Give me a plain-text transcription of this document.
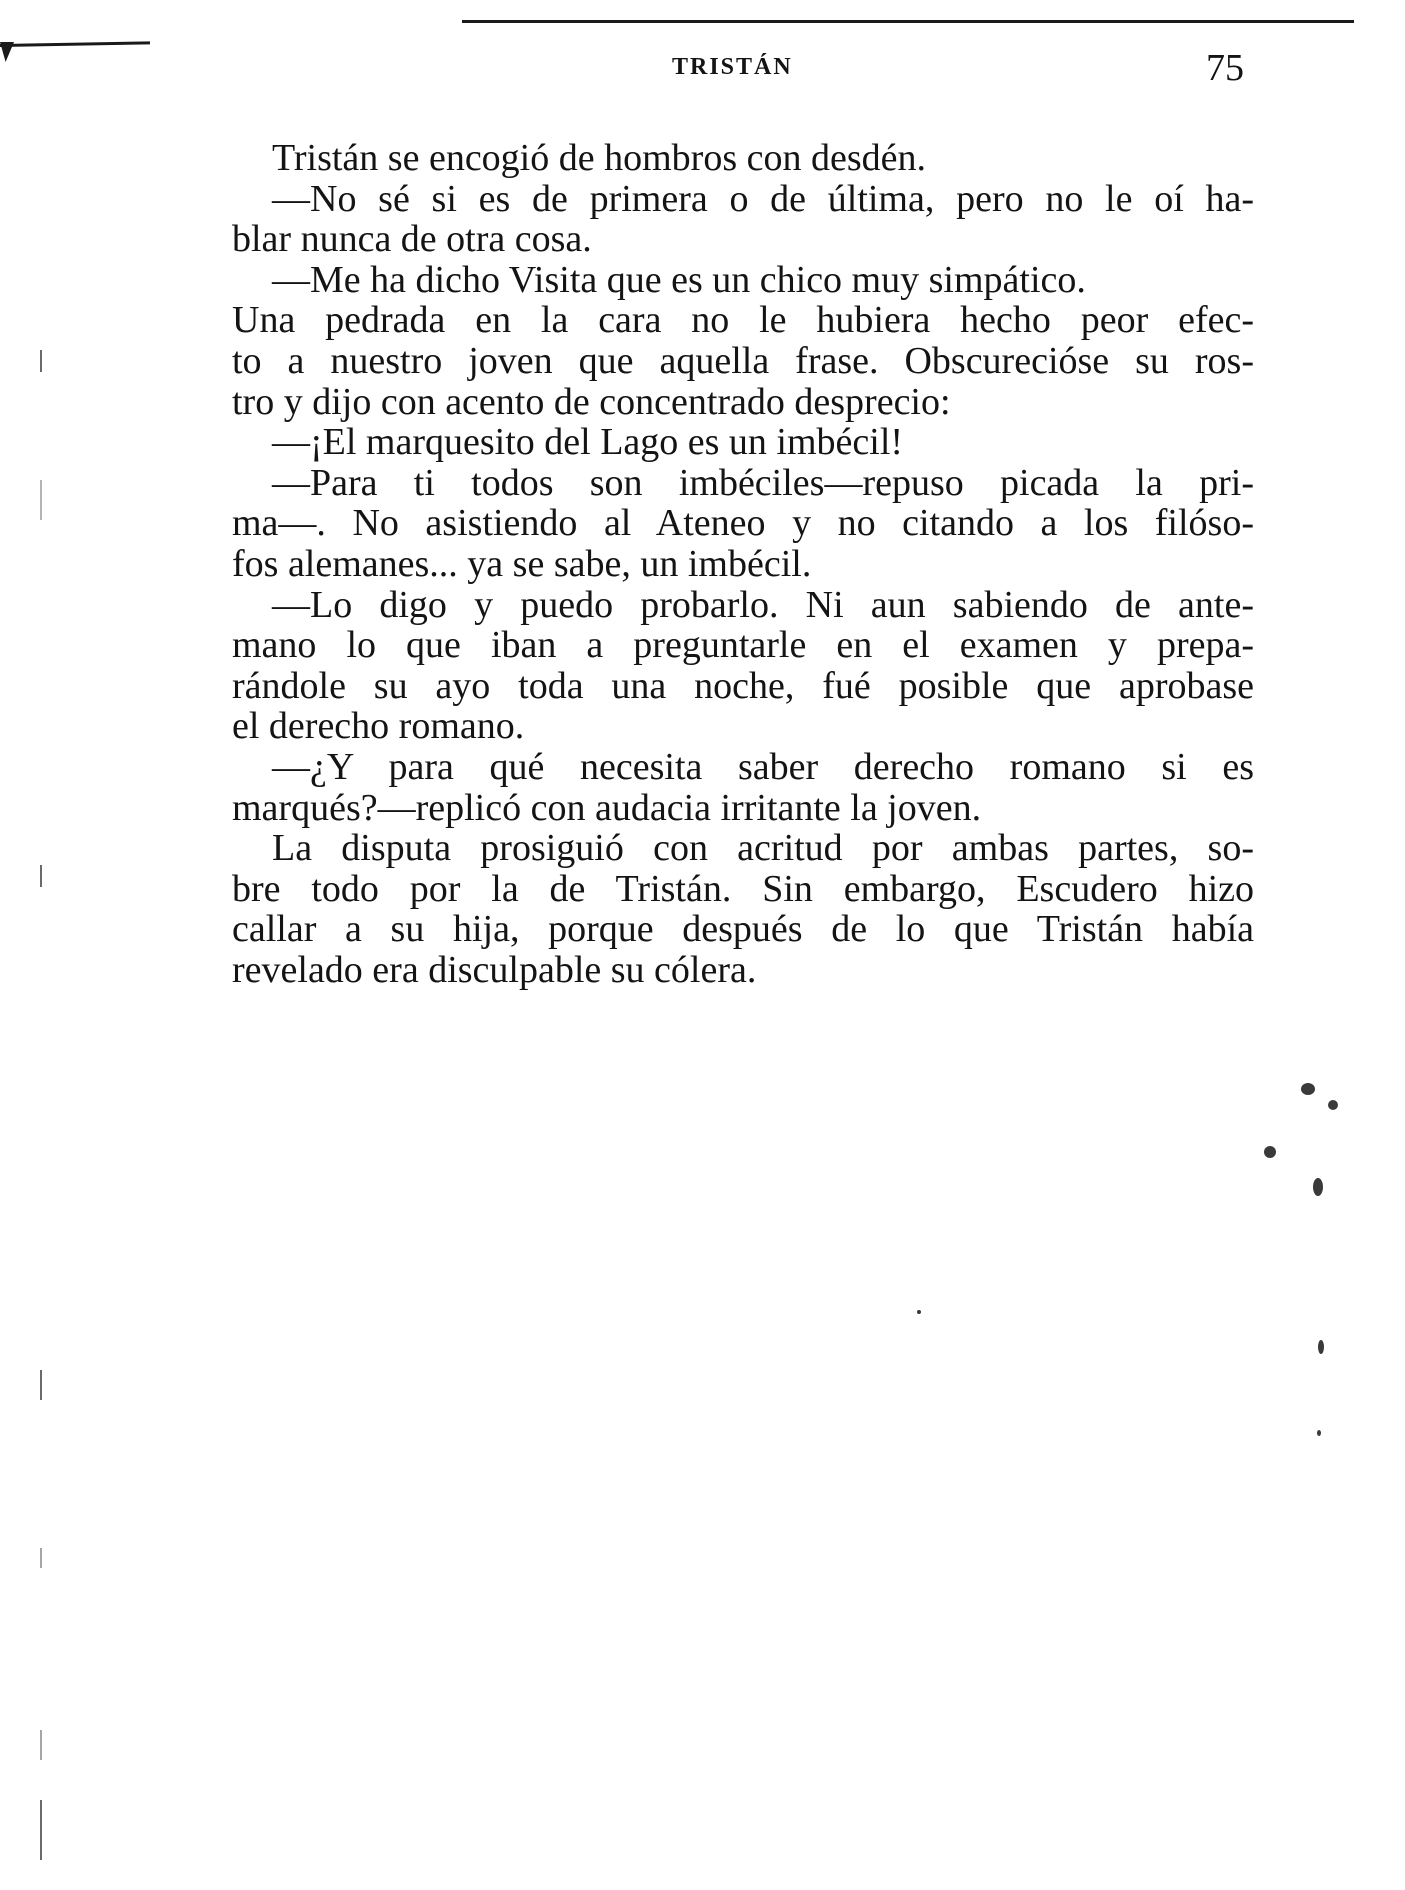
TRISTÁN	75
Tristán se encogió de hombros con desdén.
—No sé si es de primera o de última, pero no le oí ha-
blar nunca de otra cosa.
—Me ha dicho Visita que es un chico muy simpático.
Una pedrada en la cara no le hubiera hecho peor efec-
to a nuestro joven que aquella frase. Obscurecióse su ros-
tro y dijo con acento de concentrado desprecio:
—¡El marquesito del Lago es un imbécil!
—Para ti todos son imbéciles—repuso picada la pri-
ma—. No asistiendo al Ateneo y no citando a los filóso-
fos alemanes... ya se sabe, un imbécil.
—Lo digo y puedo probarlo. Ni aun sabiendo de ante-
mano lo que iban a preguntarle en el examen y prepa-
rándole su ayo toda una noche, fué posible que aprobase
el derecho romano.
—¿Y para qué necesita saber derecho romano si es
marqués?—replicó con audacia irritante la joven.
La disputa prosiguió con acritud por ambas partes, so-
bre todo por la de Tristán. Sin embargo, Escudero hizo
callar a su hija, porque después de lo que Tristán había
revelado era disculpable su cólera.
